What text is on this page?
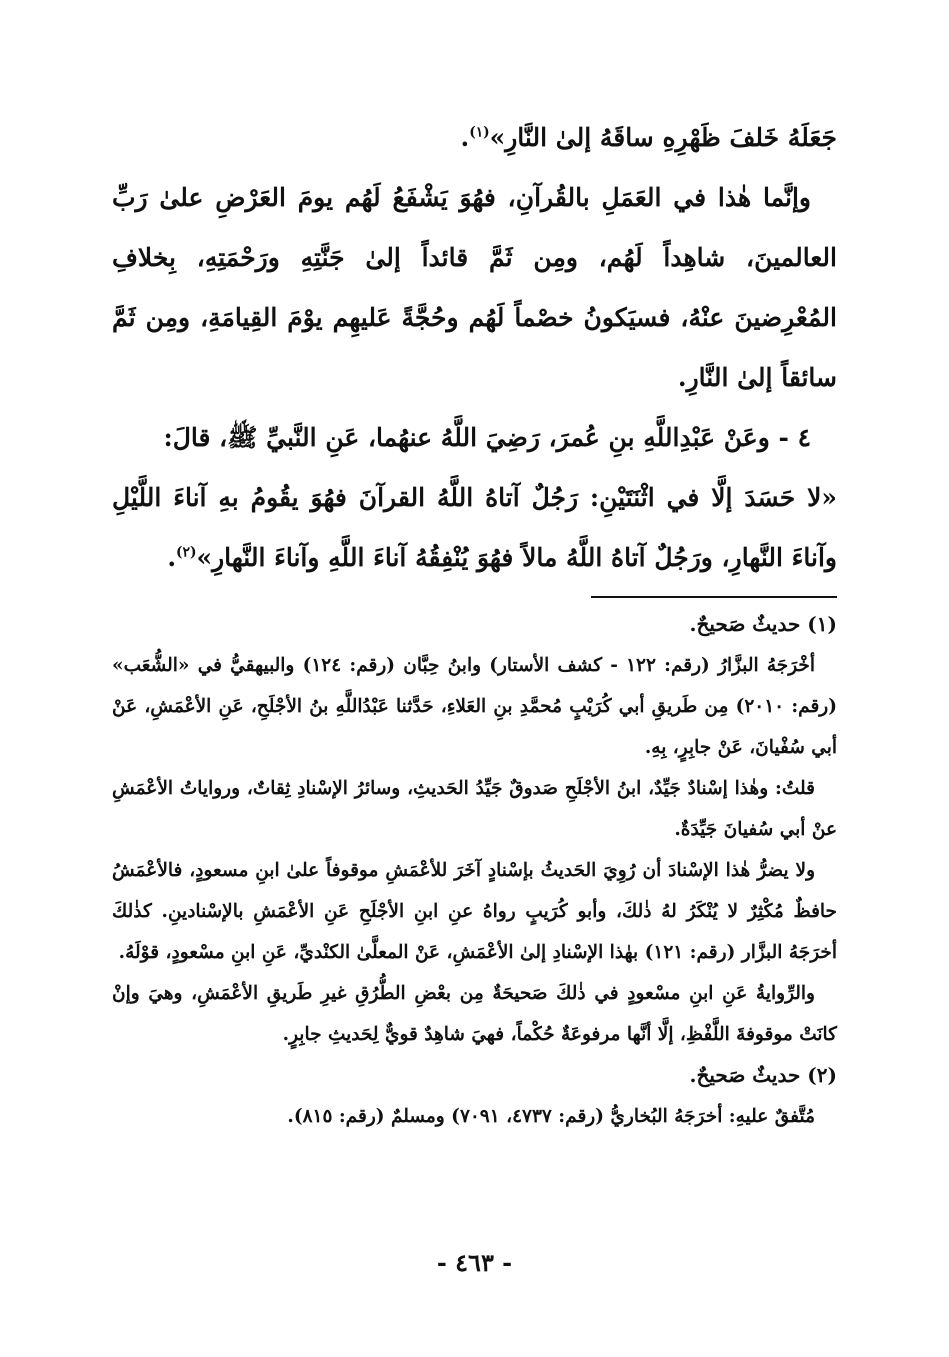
جَعَلَهُ خَلفَ ظَهْرِهِ ساقَهُ إلىٰ النَّارِ»$^{(١)}$.

وإنَّما هٰذا في العَمَلِ بالقُرآنِ، فهُوَ يَشْفَعُ لَهُم يومَ العَرْضِ علىٰ رَبِّ العالمينَ، شاهِداً لَهُم، ومِن ثَمَّ قائداً إلىٰ جَنَّتِهِ ورَحْمَتِهِ، بِخلافِ المُعْرِضينَ عنْهُ، فسيَكونُ خصْماً لَهُم وحُجَّةً عَليهِم يوْمَ القِيامَةِ، ومِن ثَمَّ سائقاً إلىٰ النَّارِ.

٤ - وعَنْ عَبْدِاللَّهِ بنِ عُمرَ، رَضِيَ اللَّهُ عنهُما، عَنِ النَّبيِّ ﷺ، قالَ:

«لا حَسَدَ إلَّا في اثْنَتَيْنِ: رَجُلٌ آتاهُ اللَّهُ القرآنَ فهُوَ يقُومُ بهِ آناءَ اللَّيْلِ وآناءَ النَّهارِ، ورَجُلٌ آتاهُ اللَّهُ مالاً فهُوَ يُنْفِقُهُ آناءَ اللَّهِ وآناءَ النَّهارِ»$^{(٢)}$.

(١) حديثٌ صَحيحٌ.

أخْرَجَهُ البزَّارُ (رقم: ١٢٢ - كشف الأستار) وابنُ حِبَّان (رقم: ١٢٤) والبيهقيُّ في «الشُّعَب» (رقم: ٢٠١٠) مِن طَريقِ أبي كُرَيْبٍ مُحمَّدِ بنِ العَلاءِ، حَدَّثنا عَبْدُاللَّهِ بنُ الأجْلَحِ، عَنِ الأعْمَشِ، عَنْ أبي سُفْيانَ، عَنْ جابِرٍ، بِهِ.

قلتُ: وهٰذا إسْنادٌ جَيِّدٌ، ابنُ الأجْلَحِ صَدوقٌ جَيِّدُ الحَديثِ، وسائرُ الإسْنادِ ثِقاتٌ، ورواياتُ الأعْمَشِ عنْ أبي سُفيانَ جَيِّدَةٌ.

ولا يضرُّ هٰذا الإسْنادَ أن رُوِيَ الحَديثُ بإسْنادٍ آخَرَ للأعْمَشِ موقوفاً علىٰ ابنِ مسعودٍ، فالأعْمَشُ حافظٌ مُكْثِرٌ لا يُنْكَرُ لهُ ذٰلكَ، وأبو كُرَيبٍ رواهُ عنِ ابنِ الأجْلَحِ عَنِ الأعْمَشِ بالإسْنادينِ. كذٰلكَ أخرَجَهُ البزَّار (رقم: ١٢١) بهٰذا الإسْنادِ إلىٰ الأعْمَشِ، عَنْ المعلَّىٰ الكنْديِّ، عَنِ ابنِ مسْعودٍ، قوْلَهُ.

والرِّوايةُ عَنِ ابنِ مسْعودٍ في ذٰلكَ صَحيحَةٌ مِن بعْضِ الطُّرُقِ غيرِ طَريقِ الأعْمَشِ، وهيَ وإنْ كانَتْ موقوفةَ اللَّفْظِ، إلَّا أنَّها مرفوعَةٌ حُكْماً، فهيَ شاهِدٌ قويٌّ لِحَديثِ جابِرٍ.

(٢) حديثٌ صَحيحٌ.

مُتَّفقٌ عليهِ: أخرَجَهُ البُخاريُّ (رقم: ٤٧٣٧، ٧٠٩١) ومسلمٌ (رقم: ٨١٥).

- ٤٦٣ -
